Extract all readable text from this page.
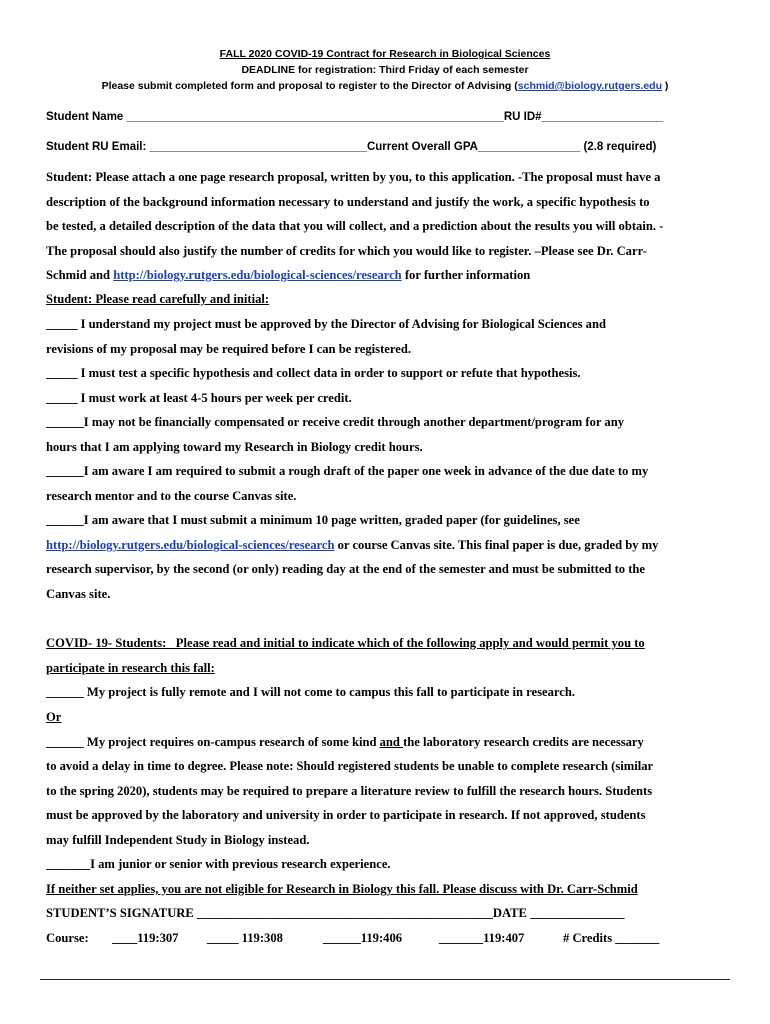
FALL 2020 COVID-19 Contract for Research in Biological Sciences
DEADLINE for registration: Third Friday of each semester
Please submit completed form and proposal to register to the Director of Advising (schmid@biology.rutgers.edu )
Student Name ___________________________________________________________RU ID#___________________
Student RU Email: __________________________________Current Overall GPA________________ (2.8 required)
Student: Please attach a one page research proposal, written by you, to this application. -The proposal must have a
description of the background information necessary to understand and justify the work, a specific hypothesis to
be tested, a detailed description of the data that you will collect, and a prediction about the results you will obtain. -
The proposal should also justify the number of credits for which you would like to register. –Please see Dr. Carr-
Schmid and http://biology.rutgers.edu/biological-sciences/research for further information
Student: Please read carefully and initial:
_____ I understand my project must be approved by the Director of Advising for Biological Sciences and
revisions of my proposal may be required before I can be registered.
_____ I must test a specific hypothesis and collect data in order to support or refute that hypothesis.
_____ I must work at least 4-5 hours per week per credit.
______I may not be financially compensated or receive credit through another department/program for any
hours that I am applying toward my Research in Biology credit hours.
______I am aware I am required to submit a rough draft of the paper one week in advance of the due date to my
research mentor and to the course Canvas site.
______I am aware that I must submit a minimum 10 page written, graded paper (for guidelines, see
http://biology.rutgers.edu/biological-sciences/research or course Canvas site. This final paper is due, graded by my
research supervisor, by the second (or only) reading day at the end of the semester and must be submitted to the
Canvas site.
COVID- 19- Students: _Please read and initial to indicate which of the following apply and would permit you to
participate in research this fall:
______ My project is fully remote and I will not come to campus this fall to participate in research.
Or
______ My project requires on-campus research of some kind and the laboratory research credits are necessary
to avoid a delay in time to degree. Please note: Should registered students be unable to complete research (similar
to the spring 2020), students may be required to prepare a literature review to fulfill the research hours. Students
must be approved by the laboratory and university in order to participate in research. If not approved, students
may fulfill Independent Study in Biology instead.
_______I am junior or senior with previous research experience.
If neither set applies, you are not eligible for Research in Biology this fall. Please discuss with Dr. Carr-Schmid
STUDENT’S SIGNATURE _______________________________________________DATE _______________
Course: ____119:307 _____ 119:308	______119:406	_______119:407	# Credits _______
